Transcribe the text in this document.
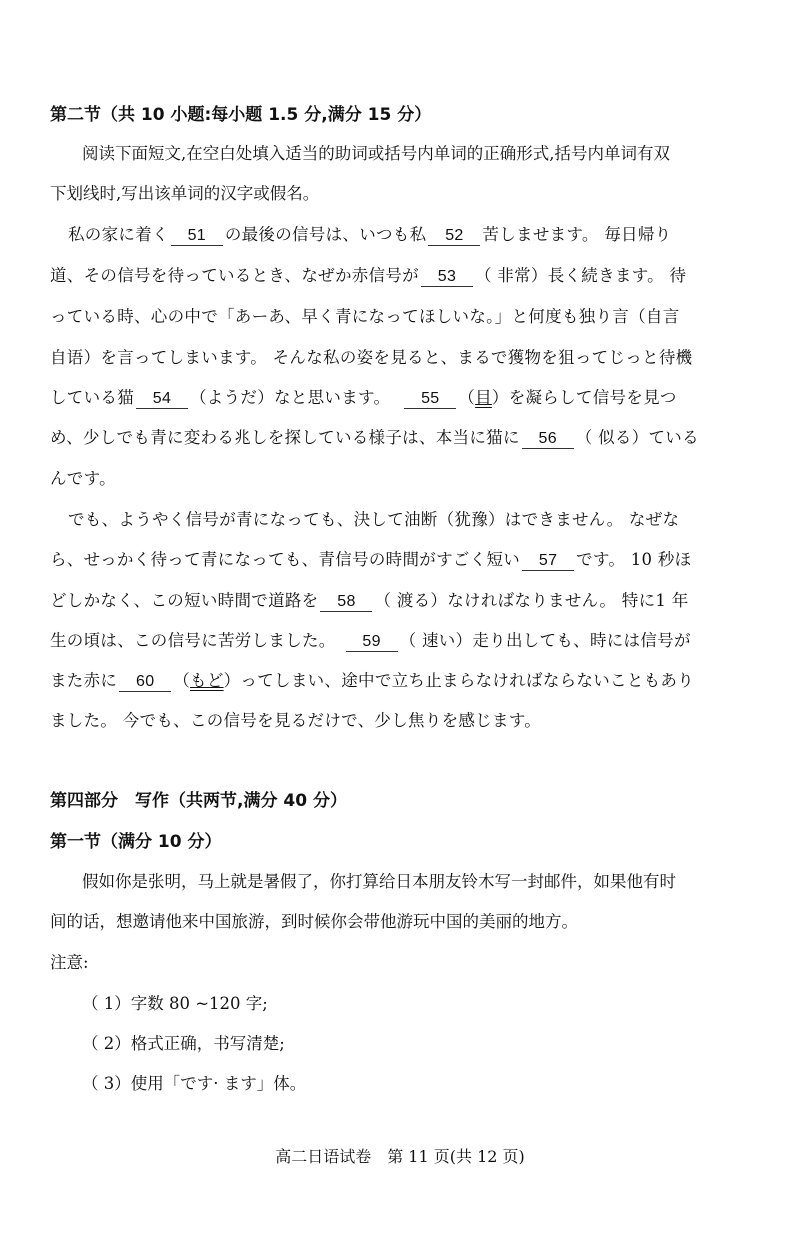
第二节（共 10 小题:每小题 1.5 分,满分 15 分）
阅读下面短文,在空白处填入适当的助词或括号内单词的正确形式,括号内单词有双
下划线时,写出该单词的汉字或假名。
私の家に着く 51 の最後の信号は、いつも私 52 苦しませます。 毎日帰り
道、その信号を待っているとき、なぜか赤信号が 53 （ 非常）長く続きます。 待
っている時、心の中で「あーあ、早く青になってほしいな。」と何度も独り言（自言
自语）を言ってしまいます。 そんな私の姿を見ると、まるで獲物を狙ってじっと待機
している猫 54 （ようだ）なと思います。 55 （目）を凝らして信号を見つ
め、少しでも青に変わる兆しを探している様子は、本当に猫に 56 （ 似る）ている
んです。
でも、ようやく信号が青になっても、決して油断（犹豫）はできません。 なぜな
ら、せっかく待って青になっても、青信号の時間がすごく短い 57 です。 10 秒ほ
どしかなく、この短い時間で道路を 58 （ 渡る）なければなりません。 特に1 年
生の頃は、この信号に苦労しました。 59 （ 速い）走り出しても、時には信号が
また赤に 60 （もど）ってしまい、途中で立ち止まらなければならないこともあり
ました。 今でも、この信号を見るだけで、少し焦りを感じます。
第四部分　写作（共两节,满分 40 分）
第一节（满分 10 分）
假如你是张明，马上就是暑假了，你打算给日本朋友铃木写一封邮件，如果他有时
间的话，想邀请他来中国旅游，到时候你会带他游玩中国的美丽的地方。
注意:
（ 1）字数 80 ~120 字;
（ 2）格式正确，书写清楚;
（ 3）使用「です· ます」体。
高二日语试卷　第 11 页(共 12 页)
